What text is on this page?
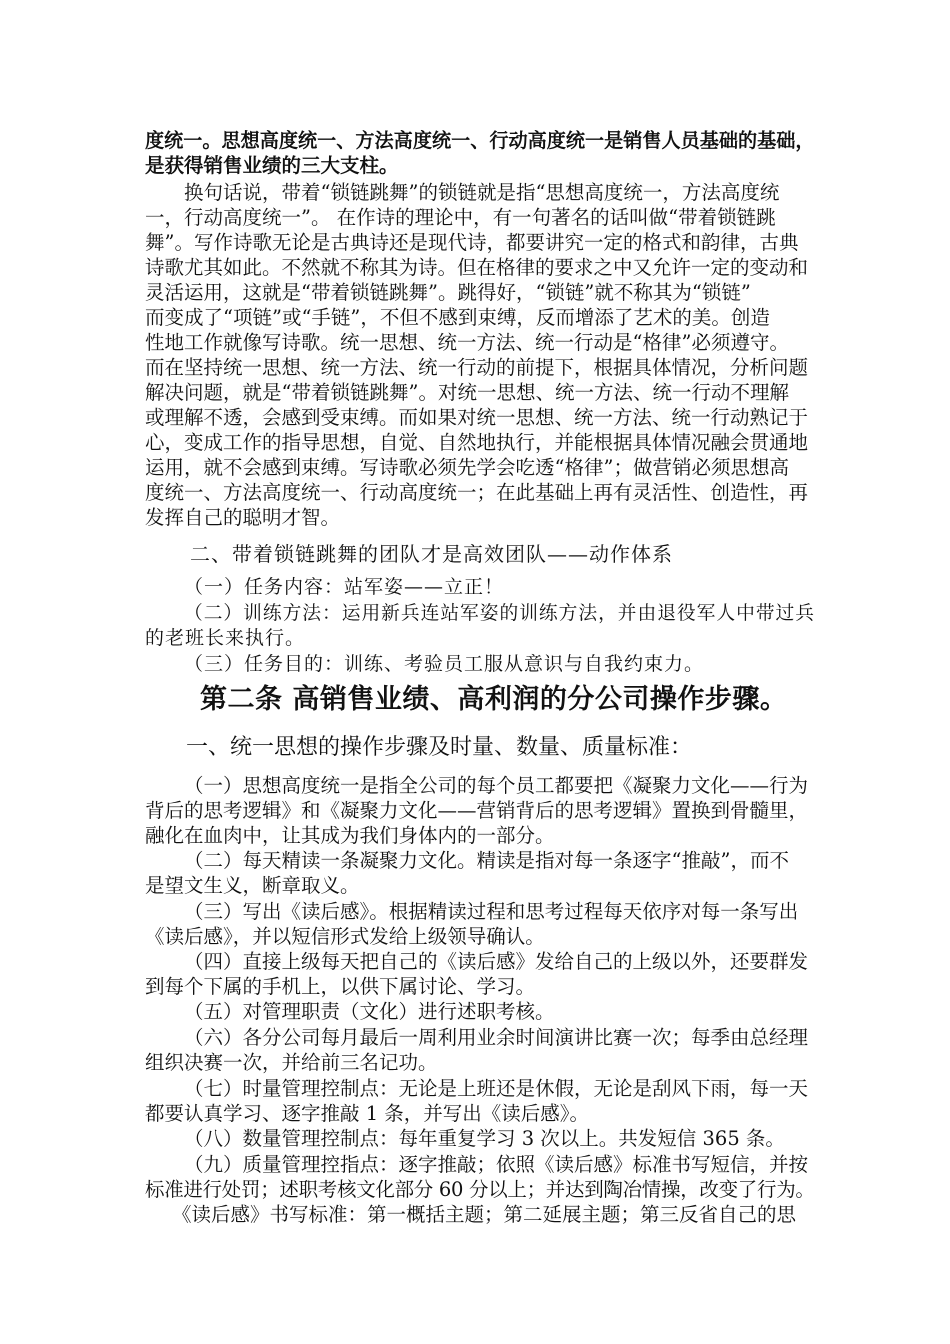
度统一。思想高度统一、方法高度统一、行动高度统一是销售人员基础的基础，

是获得销售业绩的三大支柱。

换句话说，带着“锁链跳舞”的锁链就是指“思想高度统一，方法高度统

一，行动高度统一”。 在作诗的理论中，有一句著名的话叫做“带着锁链跳

舞”。写作诗歌无论是古典诗还是现代诗，都要讲究一定的格式和韵律，古典

诗歌尤其如此。不然就不称其为诗。但在格律的要求之中又允许一定的变动和

灵活运用，这就是“带着锁链跳舞”。跳得好，“锁链”就不称其为“锁链”

而变成了“项链”或“手链”，不但不感到束缚，反而增添了艺术的美。创造

性地工作就像写诗歌。统一思想、统一方法、统一行动是“格律”必须遵守。

而在坚持统一思想、统一方法、统一行动的前提下，根据具体情况，分析问题

解决问题，就是“带着锁链跳舞”。对统一思想、统一方法、统一行动不理解

或理解不透，会感到受束缚。而如果对统一思想、统一方法、统一行动熟记于

心，变成工作的指导思想，自觉、自然地执行，并能根据具体情况融会贯通地

运用，就不会感到束缚。写诗歌必须先学会吃透“格律”；做营销必须思想高

度统一、方法高度统一、行动高度统一；在此基础上再有灵活性、创造性，再

发挥自己的聪明才智。

二、带着锁链跳舞的团队才是高效团队——动作体系

（一）任务内容：站军姿——立正！

（二）训练方法：运用新兵连站军姿的训练方法，并由退役军人中带过兵

的老班长来执行。

（三）任务目的：训练、考验员工服从意识与自我约束力。

第二条 高销售业绩、高利润的分公司操作步骤。
一、统一思想的操作步骤及时量、数量、质量标准：

（一）思想高度统一是指全公司的每个员工都要把《凝聚力文化——行为

背后的思考逻辑》和《凝聚力文化——营销背后的思考逻辑》置换到骨髓里，

融化在血肉中，让其成为我们身体内的一部分。

（二）每天精读一条凝聚力文化。精读是指对每一条逐字“推敲”，而不

是望文生义，断章取义。

（三）写出《读后感》。根据精读过程和思考过程每天依序对每一条写出

《读后感》，并以短信形式发给上级领导确认。

（四）直接上级每天把自己的《读后感》发给自己的上级以外，还要群发

到每个下属的手机上，以供下属讨论、学习。

（五）对管理职责（文化）进行述职考核。

（六）各分公司每月最后一周利用业余时间演讲比赛一次；每季由总经理

组织决赛一次，并给前三名记功。

（七）时量管理控制点：无论是上班还是休假，无论是刮风下雨，每一天

都要认真学习、逐字推敲 1 条，并写出《读后感》。

（八）数量管理控制点：每年重复学习 3 次以上。共发短信 365 条。

（九）质量管理控指点：逐字推敲；依照《读后感》标准书写短信，并按

标准进行处罚；述职考核文化部分 60 分以上；并达到陶冶情操，改变了行为。

《读后感》书写标准：第一概括主题；第二延展主题；第三反省自己的思
